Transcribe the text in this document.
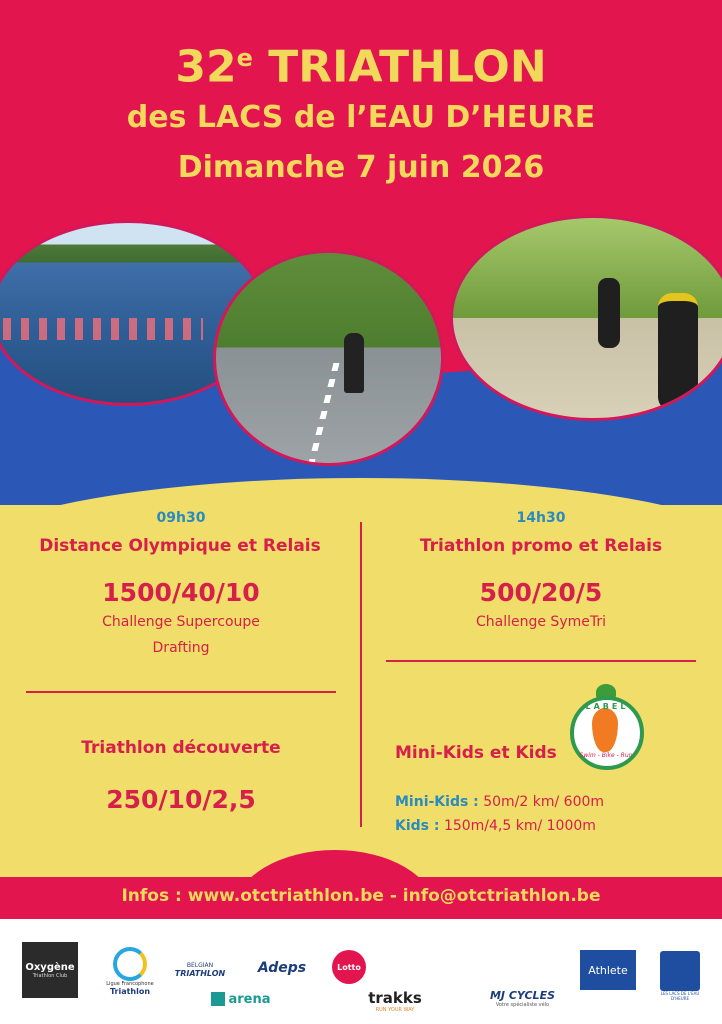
32e TRIATHLON
des LACS de l’EAU D’HEURE
Dimanche 7 juin 2026
09h30
Distance Olympique et Relais
1500/40/10
Challenge Supercoupe
Drafting
Triathlon découverte
250/10/2,5
14h30
Triathlon promo et Relais
500/20/5
Challenge SymeTri
Mini-Kids et Kids
LABEL
Swim - Bike - Run
Mini-Kids : 50m/2 km/ 600m
Kids : 150m/4,5 km/ 1000m
Infos : www.otctriathlon.be - info@otctriathlon.be
Oxygène
Triathlon Club
Ligue Francophone
Triathlon
BELGIAN
TRIATHLON Adeps	Lotto
arena	trakks
RUN YOUR WAY
MJ CYCLES
Votre spécialiste vélo
Athlete
LES LACS DE L'EAU D'HEURE
